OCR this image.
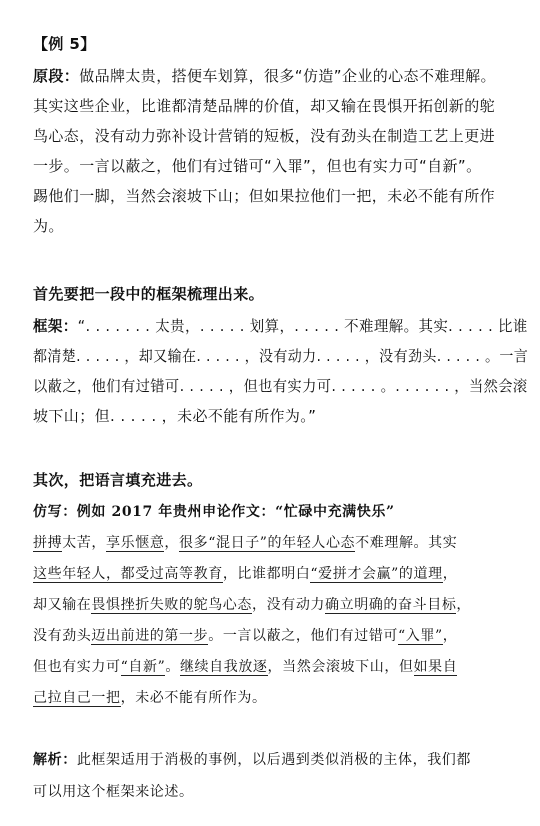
【例 5】
原段：做品牌太贵，搭便车划算，很多“仿造”企业的心态不难理解。
其实这些企业，比谁都清楚品牌的价值，却又输在畏惧开拓创新的鸵
鸟心态，没有动力弥补设计营销的短板，没有劲头在制造工艺上更进
一步。一言以蔽之，他们有过错可“入罪”，但也有实力可“自新”。
踢他们一脚，当然会滚坡下山；但如果拉他们一把，未必不能有所作
为。
首先要把一段中的框架梳理出来。
框架：“. . . . . . . 太贵，. . . . . 划算，. . . . . 不难理解。其实. . . . . 比谁
都清楚. . . . . ，却又输在. . . . . ，没有动力. . . . . ，没有劲头. . . . . 。一言
以蔽之，他们有过错可. . . . . ，但也有实力可. . . . . 。. . . . . . ，当然会滚
坡下山；但. . . . . ，未必不能有所作为。”
其次，把语言填充进去。
仿写：例如 2017 年贵州申论作文：“忙碌中充满快乐”
拼搏太苦，享乐惬意，很多“混日子”的年轻人心态不难理解。其实
这些年轻人，都受过高等教育，比谁都明白“爱拼才会赢”的道理，
却又输在畏惧挫折失败的鸵鸟心态，没有动力确立明确的奋斗目标，
没有劲头迈出前进的第一步。一言以蔽之，他们有过错可“入罪”，
但也有实力可“自新”。继续自我放逐，当然会滚坡下山，但如果自
己拉自己一把，未必不能有所作为。
解析：此框架适用于消极的事例，以后遇到类似消极的主体，我们都
可以用这个框架来论述。
